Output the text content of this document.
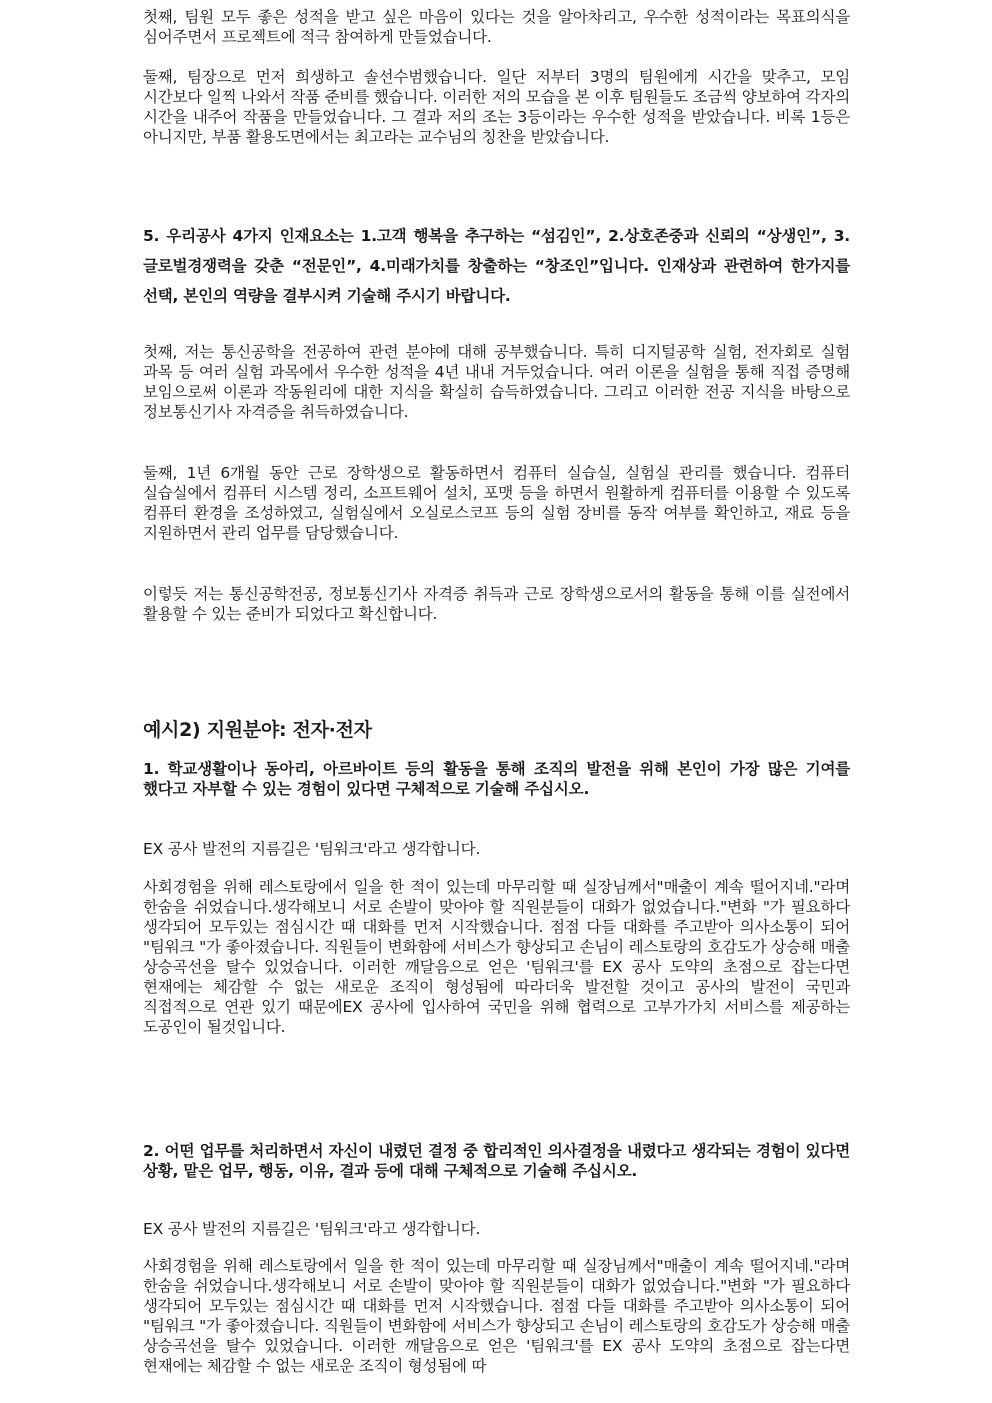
첫째, 팀원 모두 좋은 성적을 받고 싶은 마음이 있다는 것을 알아차리고, 우수한 성적이라는 목표의식을 심어주면서 프로젝트에 적극 참여하게 만들었습니다.

둘째, 팀장으로 먼저 희생하고 솔선수범했습니다. 일단 저부터 3명의 팀원에게 시간을 맞추고, 모임 시간보다 일찍 나와서 작품 준비를 했습니다. 이러한 저의 모습을 본 이후 팀원들도 조금씩 양보하여 각자의 시간을 내주어 작품을 만들었습니다. 그 결과 저의 조는 3등이라는 우수한 성적을 받았습니다. 비록 1등은 아니지만, 부품 활용도면에서는 최고라는 교수님의 칭찬을 받았습니다.

5. 우리공사 4가지 인재요소는 1.고객 행복을 추구하는 “섬김인”, 2.상호존중과 신뢰의 “상생인”, 3.글로벌경쟁력을 갖춘 “전문인”, 4.미래가치를 창출하는 “창조인”입니다. 인재상과 관련하여 한가지를 선택, 본인의 역량을 결부시켜 기술해 주시기 바랍니다.

첫째, 저는 통신공학을 전공하여 관련 분야에 대해 공부했습니다. 특히 디지털공학 실험, 전자회로 실험 과목 등 여러 실험 과목에서 우수한 성적을 4년 내내 거두었습니다. 여러 이론을 실험을 통해 직접 증명해 보임으로써 이론과 작동원리에 대한 지식을 확실히 습득하였습니다. 그리고 이러한 전공 지식을 바탕으로 정보통신기사 자격증을 취득하였습니다.

둘째, 1년 6개월 동안 근로 장학생으로 활동하면서 컴퓨터 실습실, 실험실 관리를 했습니다. 컴퓨터 실습실에서 컴퓨터 시스템 정리, 소프트웨어 설치, 포맷 등을 하면서 원활하게 컴퓨터를 이용할 수 있도록 컴퓨터 환경을 조성하였고, 실험실에서 오실로스코프 등의 실험 장비를 동작 여부를 확인하고, 재료 등을 지원하면서 관리 업무를 담당했습니다.

이렇듯 저는 통신공학전공, 정보통신기사 자격증 취득과 근로 장학생으로서의 활동을 통해 이를 실전에서 활용할 수 있는 준비가 되었다고 확신합니다.

예시2) 지원분야: 전자·전자

1. 학교생활이나 동아리, 아르바이트 등의 활동을 통해 조직의 발전을 위해 본인이 가장 많은 기여를 했다고 자부할 수 있는 경험이 있다면 구체적으로 기술해 주십시오.

EX 공사 발전의 지름길은 '팀워크'라고 생각합니다.

사회경험을 위해 레스토랑에서 일을 한 적이 있는데 마무리할 때 실장님께서"매출이 계속 떨어지네."라며 한숨을 쉬었습니다.생각해보니 서로 손발이 맞아야 할 직원분들이 대화가 없었습니다."변화 "가 필요하다 생각되어 모두있는 점심시간 때 대화를 먼저 시작했습니다. 점점 다들 대화를 주고받아 의사소통이 되어 "팀워크 "가 좋아졌습니다. 직원들이 변화함에 서비스가 향상되고 손님이 레스토랑의 호감도가 상승해 매출 상승곡선을 탈수 있었습니다. 이러한 깨달음으로 얻은 '팀워크'를 EX 공사 도약의 초점으로 잡는다면 현재에는 체감할 수 없는 새로운 조직이 형성됨에 따라더욱 발전할 것이고 공사의 발전이 국민과 직접적으로 연관 있기 때문에EX 공사에 입사하여 국민을 위해 협력으로 고부가가치 서비스를 제공하는 도공인이 될것입니다.

2. 어떤 업무를 처리하면서 자신이 내렸던 결정 중 합리적인 의사결정을 내렸다고 생각되는 경험이 있다면 상황, 맡은 업무, 행동, 이유, 결과 등에 대해 구체적으로 기술해 주십시오.

EX 공사 발전의 지름길은 '팀워크'라고 생각합니다.

사회경험을 위해 레스토랑에서 일을 한 적이 있는데 마무리할 때 실장님께서"매출이 계속 떨어지네."라며 한숨을 쉬었습니다.생각해보니 서로 손발이 맞아야 할 직원분들이 대화가 없었습니다."변화 "가 필요하다 생각되어 모두있는 점심시간 때 대화를 먼저 시작했습니다. 점점 다들 대화를 주고받아 의사소통이 되어 "팀워크 "가 좋아졌습니다. 직원들이 변화함에 서비스가 향상되고 손님이 레스토랑의 호감도가 상승해 매출 상승곡선을 탈수 있었습니다. 이러한 깨달음으로 얻은 '팀워크'를 EX 공사 도약의 초점으로 잡는다면 현재에는 체감할 수 없는 새로운 조직이 형성됨에 따
